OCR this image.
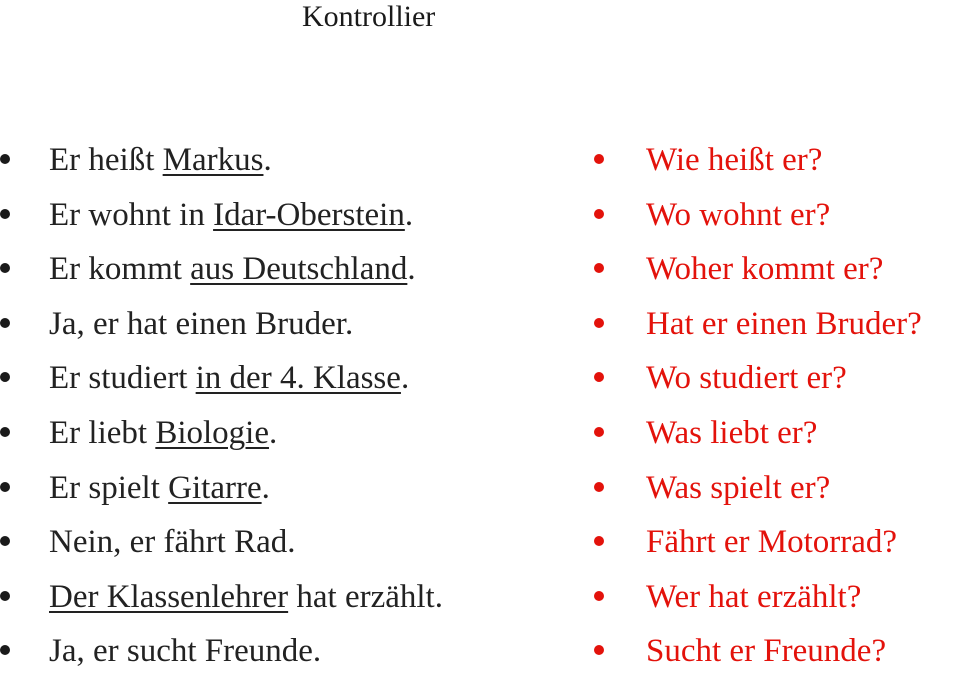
Kontrollier
Er heißt Markus.
Er wohnt in Idar-Oberstein.
Er kommt aus Deutschland.
Ja, er hat einen Bruder.
Er studiert in der 4. Klasse.
Er liebt Biologie.
Er spielt Gitarre.
Nein, er fährt Rad.
Der Klassenlehrer hat erzählt.
Ja, er sucht Freunde.
Wie heißt er?
Wo wohnt er?
Woher kommt er?
Hat er einen Bruder?
Wo studiert er?
Was liebt er?
Was spielt er?
Fährt er Motorrad?
Wer hat erzählt?
Sucht er Freunde?
